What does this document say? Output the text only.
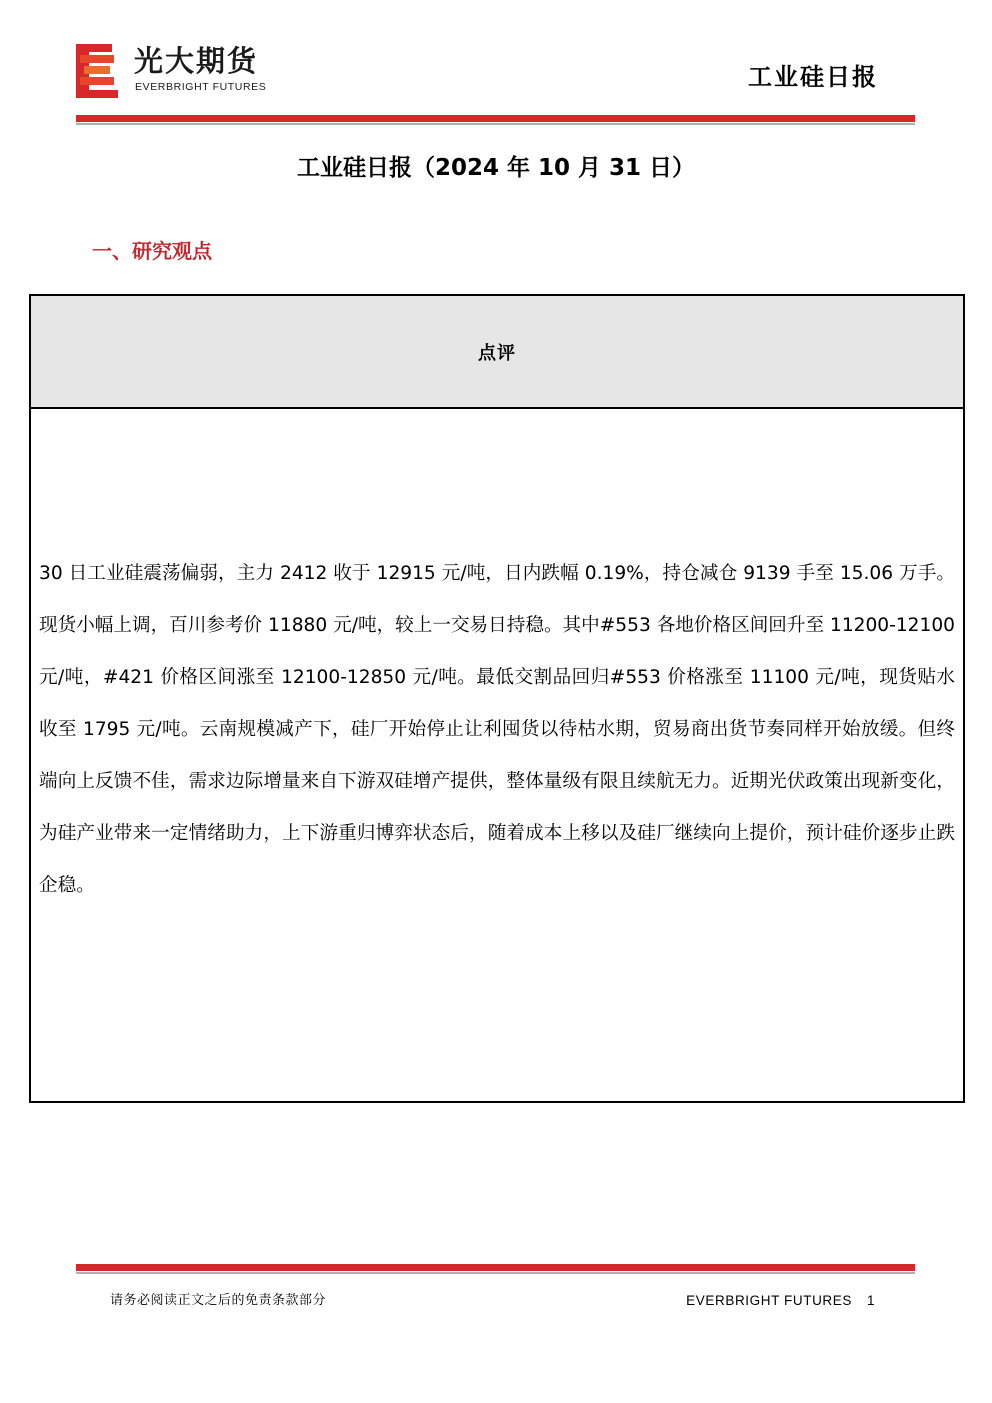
光大期货
EVERBRIGHT FUTURES	工业硅日报
工业硅日报（2024 年 10 月 31 日）
一、研究观点
点评
30 日工业硅震荡偏弱，主力 2412 收于 12915 元/吨，日内跌幅 0.19%，持仓减仓 9139 手至 15.06 万手。现货小幅上调，百川参考价 11880 元/吨，较上一交易日持稳。其中#553 各地价格区间回升至 11200-12100 元/吨，#421 价格区间涨至 12100-12850 元/吨。最低交割品回归#553 价格涨至 11100 元/吨，现货贴水收至 1795 元/吨。云南规模减产下，硅厂开始停止让利囤货以待枯水期，贸易商出货节奏同样开始放缓。但终端向上反馈不佳，需求边际增量来自下游双硅增产提供，整体量级有限且续航无力。近期光伏政策出现新变化，为硅产业带来一定情绪助力，上下游重归博弈状态后，随着成本上移以及硅厂继续向上提价，预计硅价逐步止跌企稳。
请务必阅读正文之后的免责条款部分	EVERBRIGHT FUTURES 1
